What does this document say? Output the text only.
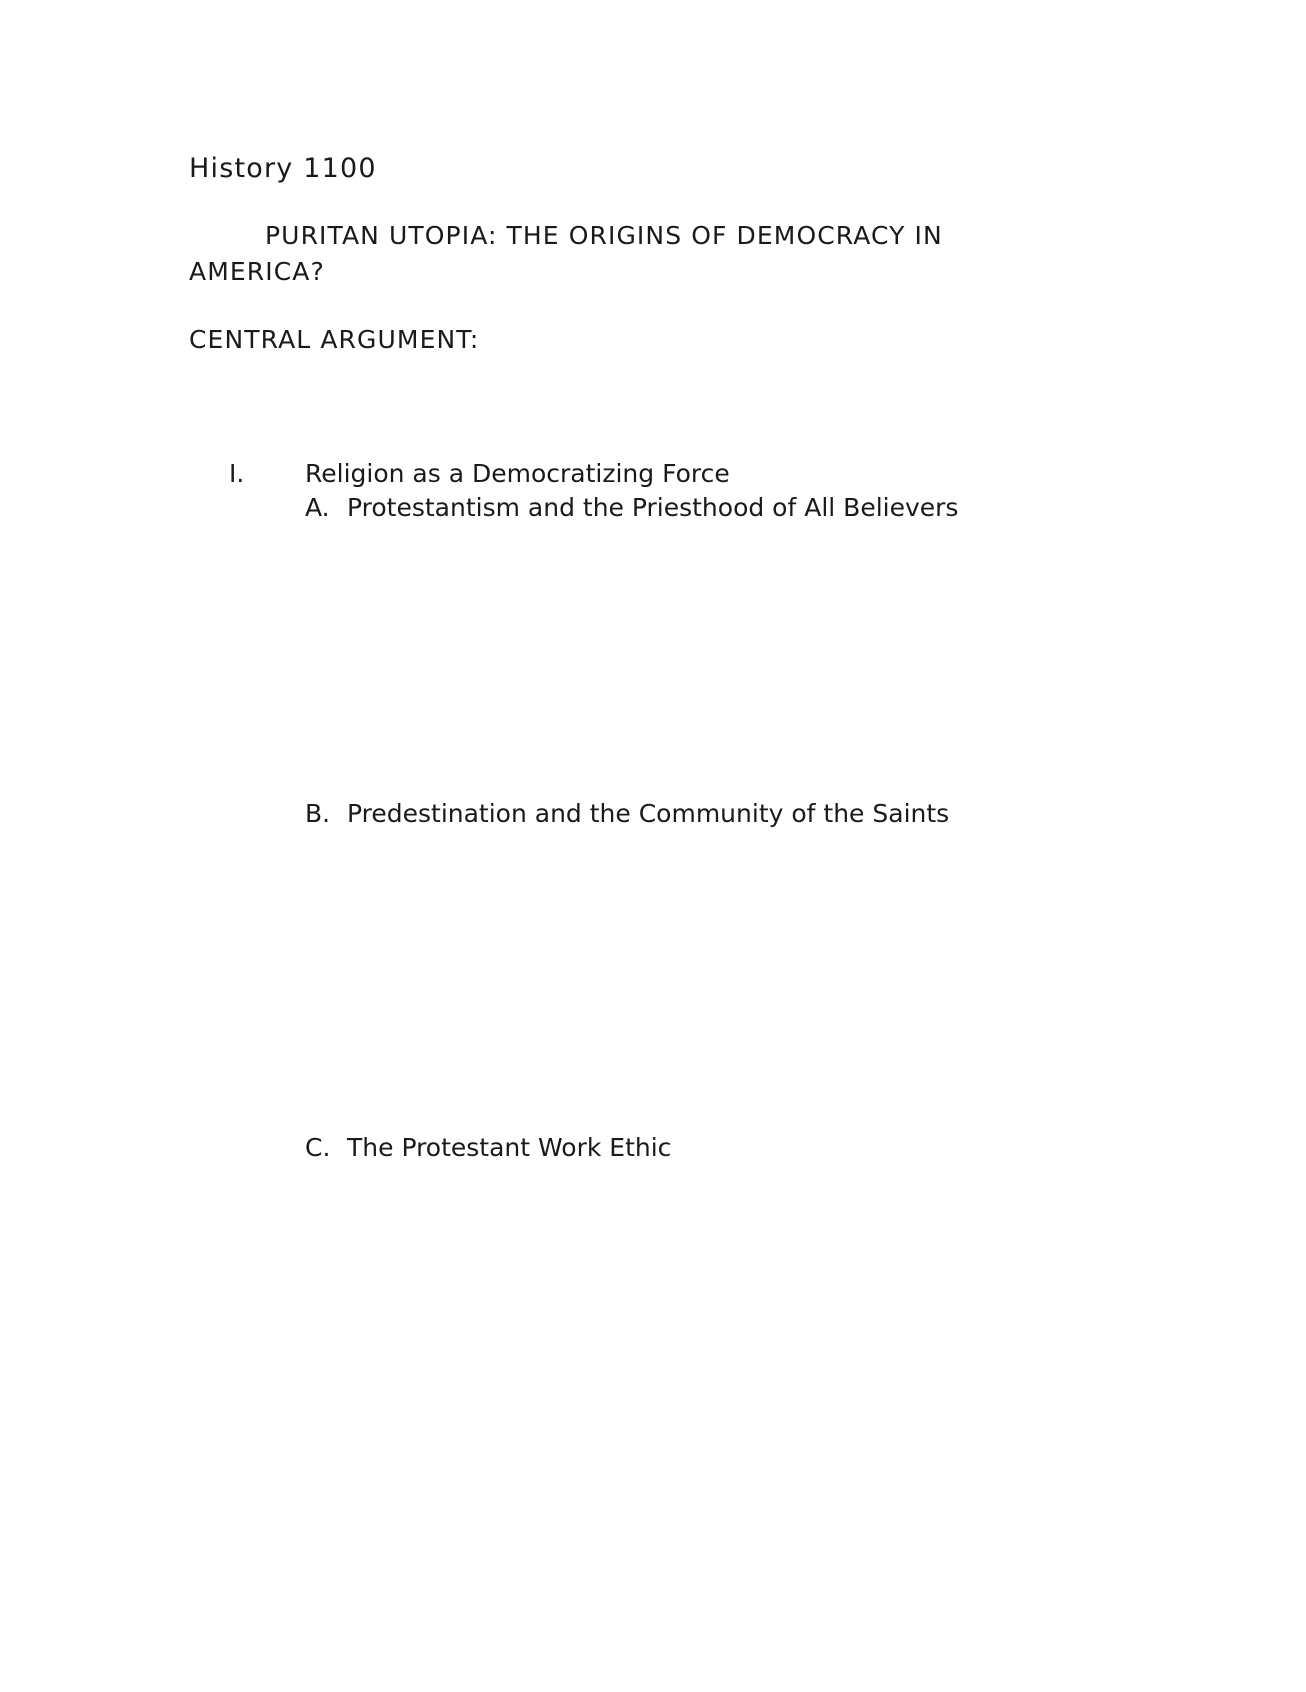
History 1100
PURITAN UTOPIA: THE ORIGINS OF DEMOCRACY IN
AMERICA?
CENTRAL ARGUMENT:
I. Religion as a Democratizing Force
A. Protestantism and the Priesthood of All Believers
B. Predestination and the Community of the Saints
C. The Protestant Work Ethic
